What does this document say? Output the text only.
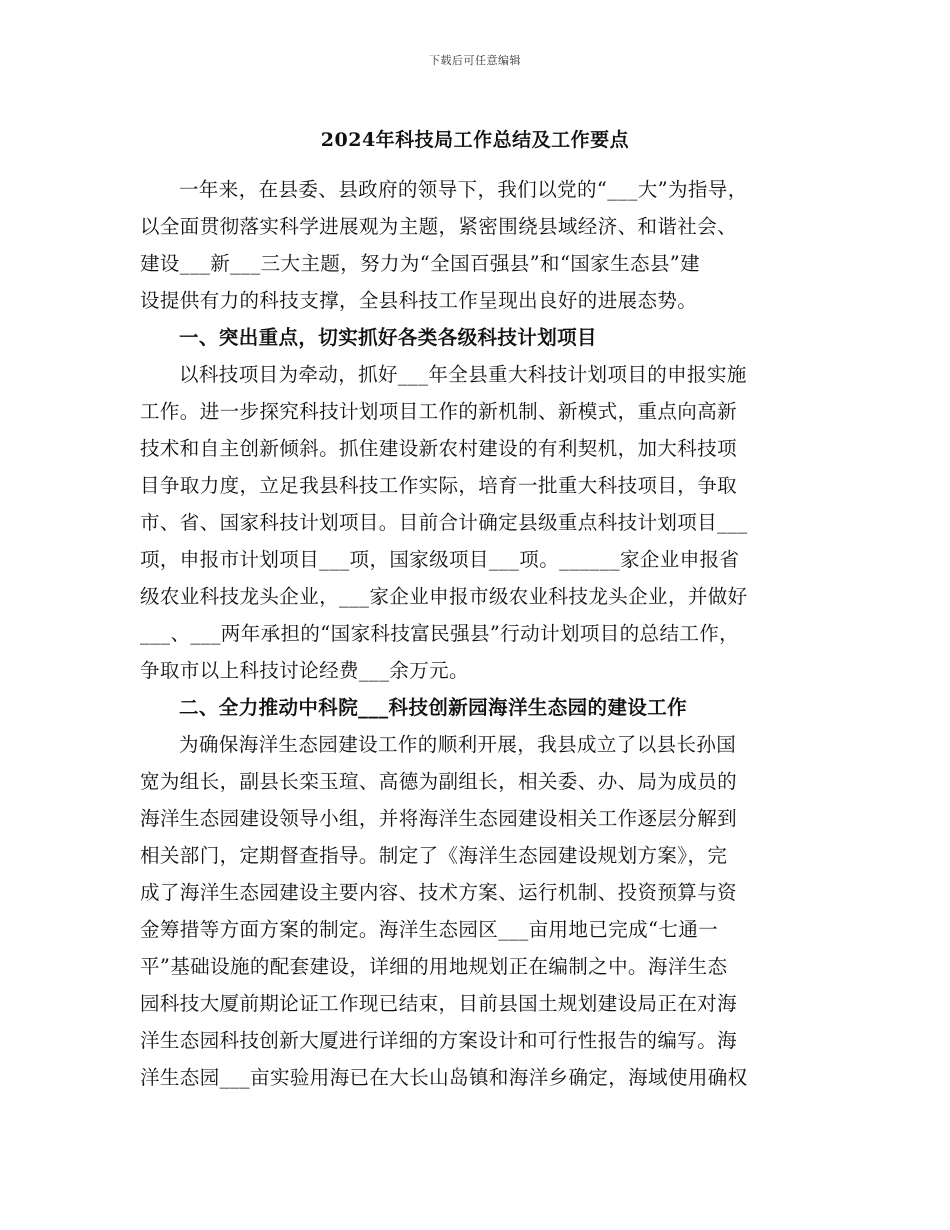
下载后可任意编辑
2024年科技局工作总结及工作要点

一年来，在县委、县政府的领导下，我们以党的“___大”为指导，
以全面贯彻落实科学进展观为主题，紧密围绕县域经济、和谐社会、
建设___新___三大主题，努力为“全国百强县”和“国家生态县”建
设提供有力的科技支撑，全县科技工作呈现出良好的进展态势。

一、突出重点，切实抓好各类各级科技计划项目

以科技项目为牵动，抓好___年全县重大科技计划项目的申报实施
工作。进一步探究科技计划项目工作的新机制、新模式，重点向高新
技术和自主创新倾斜。抓住建设新农村建设的有利契机，加大科技项
目争取力度，立足我县科技工作实际，培育一批重大科技项目，争取
市、省、国家科技计划项目。目前合计确定县级重点科技计划项目___
项，申报市计划项目___项，国家级项目___项。______家企业申报省
级农业科技龙头企业，___家企业申报市级农业科技龙头企业，并做好
___、___两年承担的“国家科技富民强县”行动计划项目的总结工作，
争取市以上科技讨论经费___余万元。

二、全力推动中科院___科技创新园海洋生态园的建设工作

为确保海洋生态园建设工作的顺利开展，我县成立了以县长孙国
宽为组长，副县长栾玉瑄、高德为副组长，相关委、办、局为成员的
海洋生态园建设领导小组，并将海洋生态园建设相关工作逐层分解到
相关部门，定期督查指导。制定了《海洋生态园建设规划方案》，完
成了海洋生态园建设主要内容、技术方案、运行机制、投资预算与资
金筹措等方面方案的制定。海洋生态园区___亩用地已完成“七通一
平”基础设施的配套建设，详细的用地规划正在编制之中。海洋生态
园科技大厦前期论证工作现已结束，目前县国土规划建设局正在对海
洋生态园科技创新大厦进行详细的方案设计和可行性报告的编写。海
洋生态园___亩实验用海已在大长山岛镇和海洋乡确定，海域使用确权
